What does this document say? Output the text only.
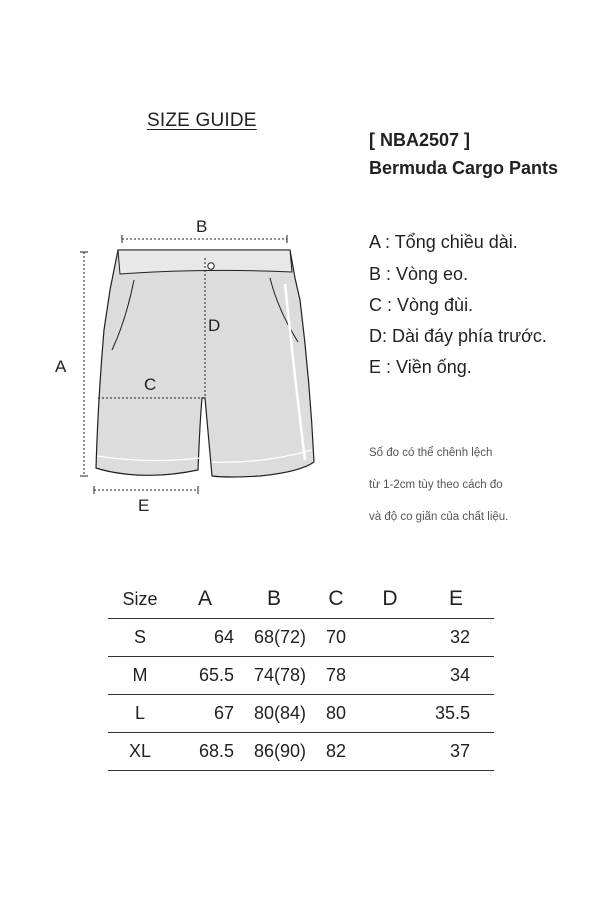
SIZE GUIDE
[ NBA2507 ]
Bermuda Cargo Pants
A
B
D
C
E
A : Tổng chiều dài.
B : Vòng eo.
C : Vòng đùi.
D: Dài đáy phía trước.
E : Viền ống.
Số đo có thể chênh lệch
từ 1-2cm tùy theo cách đo
và độ co giãn của chất liệu.
Size	A	B	C	D	E
S	64	68(72)	70		32
M	65.5	74(78)	78		34
L	67	80(84)	80		35.5
XL	68.5	86(90)	82		37
